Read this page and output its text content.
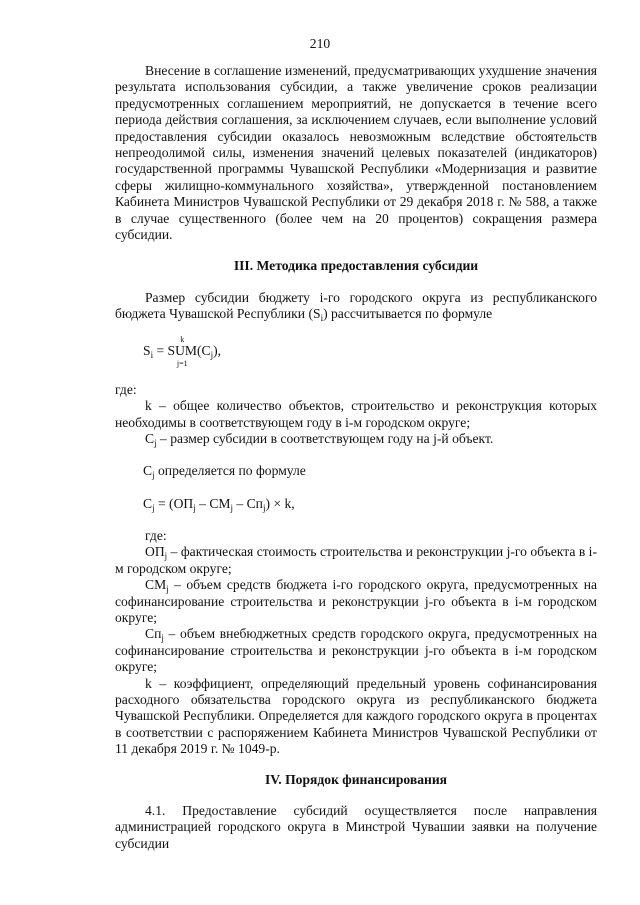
210

Внесение в соглашение изменений, предусматривающих ухудшение значения результата использования субсидии, а также увеличение сроков реализации предусмотренных соглашением мероприятий, не допускается в течение всего периода действия соглашения, за исключением случаев, если выполнение условий предоставления субсидии оказалось невозможным вследствие обстоятельств непреодолимой силы, изменения значений целевых показателей (индикаторов) государственной программы Чувашской Республики «Модернизация и развитие сферы жилищно-коммунального хозяйства», утвержденной постановлением Кабинета Министров Чувашской Республики от 29 декабря 2018 г. № 588, а также в случае существенного (более чем на 20 процентов) сокращения размера субсидии.

III. Методика предоставления субсидии

Размер субсидии бюджету i-го городского округа из республиканского бюджета Чувашской Республики $(S_i)$ рассчитывается по формуле

$S_i$ =
k
SUM
j=1
$(C_j)$,

где:

k – общее количество объектов, строительство и реконструкция которых необходимы в соответствующем году в i-м городском округе;

$C_j$ – размер субсидии в соответствующем году на j-й объект.

$C_j$ определяется по формуле
$C_j = (ОП_j - СМ_j - Сп_j) \times k$,

где:

$ОП_j$ – фактическая стоимость строительства и реконструкции j-го объекта в i-м городском округе;

$СМ_j$ – объем средств бюджета i-го городского округа, предусмотренных на софинансирование строительства и реконструкции j-го объекта в i-м городском округе;

$Сп_j$ – объем внебюджетных средств городского округа, предусмотренных на софинансирование строительства и реконструкции j-го объекта в i-м городском округе;

k – коэффициент, определяющий предельный уровень софинансирования расходного обязательства городского округа из республиканского бюджета Чувашской Республики. Определяется для каждого городского округа в процентах в соответствии с распоряжением Кабинета Министров Чувашской Республики от 11 декабря 2019 г. № 1049-р.

IV. Порядок финансирования

4.1. Предоставление субсидий осуществляется после направления администрацией городского округа в Минстрой Чувашии заявки на получение субсидии
